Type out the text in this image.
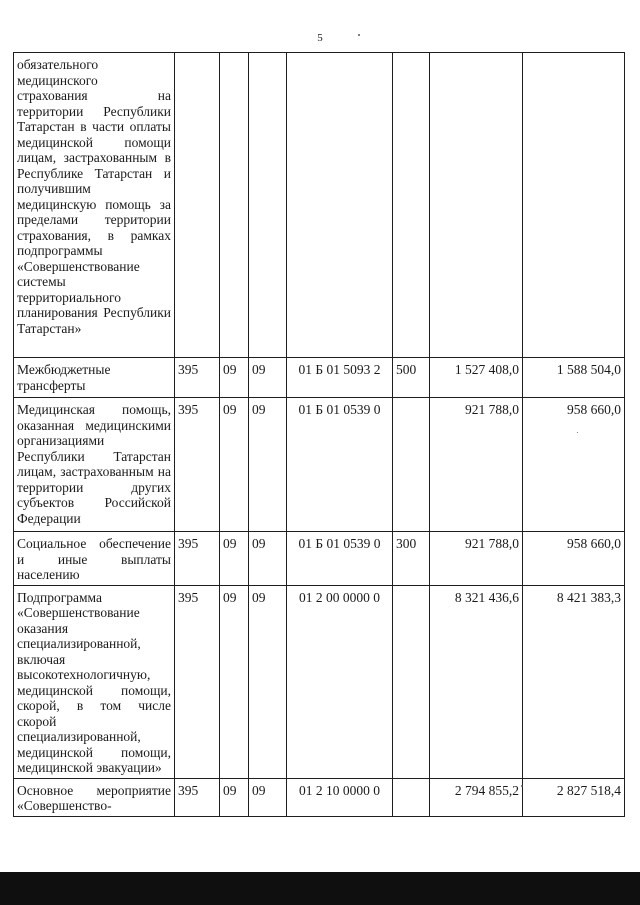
5
обязательного медицинского страхования на территории Республики Татарстан в части оплаты медицинской помощи лицам, застрахованным в Республике Татарстан и получившим медицинскую помощь за пределами территории страхования, в рамках подпрограммы «Совершенствование системы территориального планирования Республики Татарстан»							
Межбюджетные трансферты	395	09	09	01 Б 01 5093 2	500	1 527 408,0	1 588 504,0
Медицинская помощь, оказанная медицинскими организациями Республики Татарстан лицам, застрахованным на территории других субъектов Российской Федерации	395	09	09	01 Б 01 0539 0		921 788,0	958 660,0
Социальное обеспечение и иные выплаты населению	395	09	09	01 Б 01 0539 0	300	921 788,0	958 660,0
Подпрограмма «Совершенствование оказания специализированной, включая высокотехнологичную, медицинской помощи, скорой, в том числе скорой специализированной, медицинской помощи, медицинской эвакуации»	395	09	09	01 2 00 0000 0		8 321 436,6	8 421 383,3
Основное мероприятие «Совершенство-	395	09	09	01 2 10 0000 0		2 794 855,2	2 827 518,4
